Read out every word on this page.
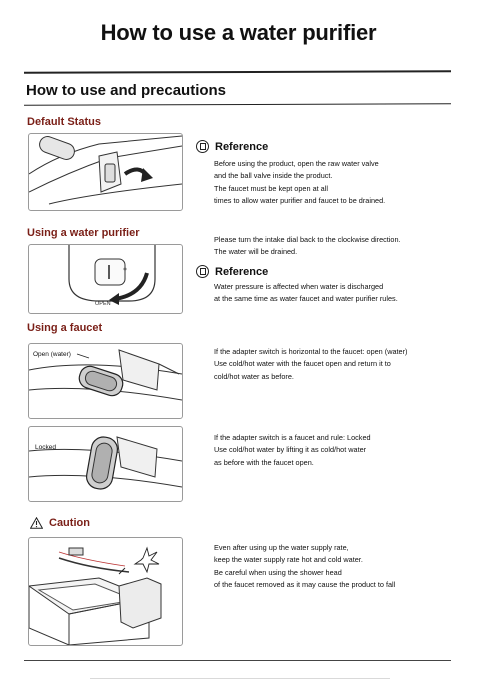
How to use a water purifier
How to use and precautions
Default Status
Reference
Before using the product, open the raw water valve
and the ball valve inside the product.
The faucet must be kept open at all
times to allow water purifier and faucet to be drained.
Using a water purifier
OPEN
Please turn the intake dial back to the clockwise direction.
The water will be drained.
Reference
Water pressure is affected when water is discharged
at the same time as water faucet and water purifier rules.
Using a faucet
Open (water)	If the adapter switch is horizontal to the faucet: open (water)
Use cold/hot water with the faucet open and return it to
cold/hot water as before.
Locked
If the adapter switch is a faucet and rule: Locked
Use cold/hot water by lifting it as cold/hot water
as before with the faucet open.
Caution
Even after using up the water supply rate,
keep the water supply rate hot and cold water.
Be careful when using the shower head
of the faucet removed as it may cause the product to fall
